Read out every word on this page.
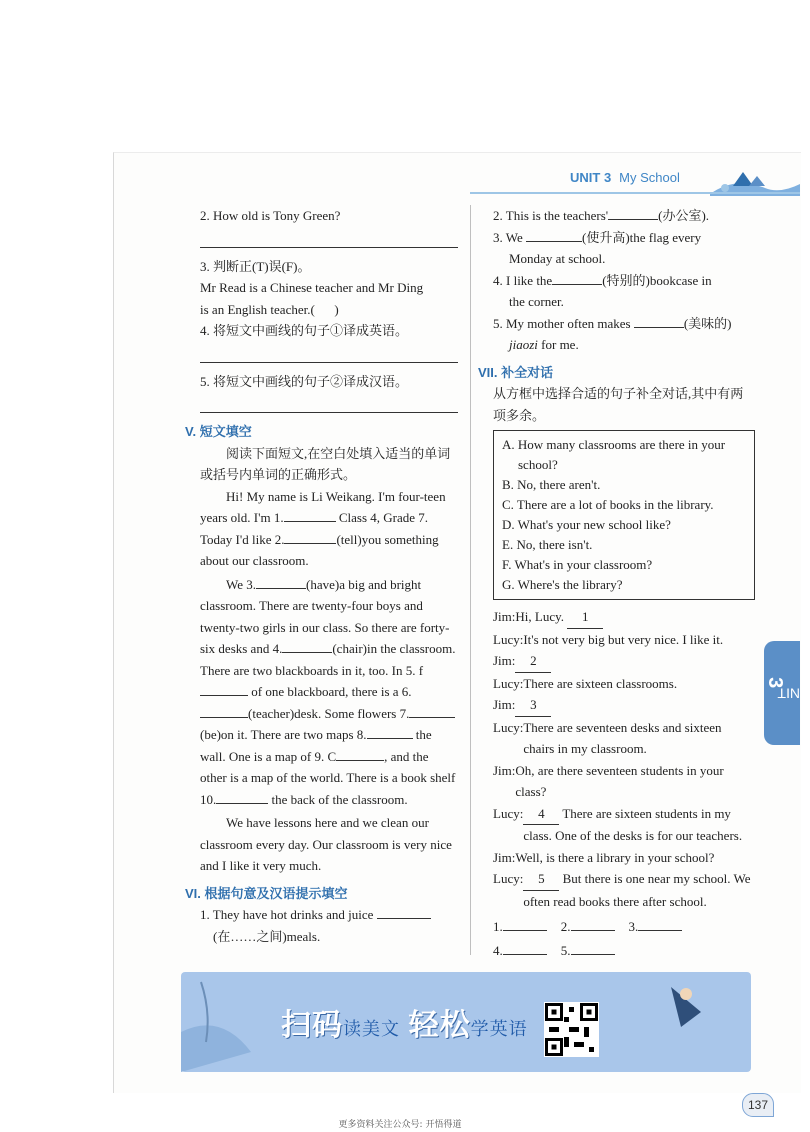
UNIT 3 My School

2. How old is Tony Green?

3. 判断正(T)误(F)。

Mr Read is a Chinese teacher and Mr Ding

is an English teacher.( )

4. 将短文中画线的句子①译成英语。

5. 将短文中画线的句子②译成汉语。

V. 短文填空

阅读下面短文,在空白处填入适当的单词或括号内单词的正确形式。

Hi! My name is Li Weikang. I'm four-teen years old. I'm 1.	Class 4, Grade 7. Today I'd like 2.	(tell)you something about our classroom.

We 3.	(have)a big and bright classroom. There are twenty-four boys and twenty-two girls in our class. So there are forty-six desks and 4.	(chair)in the classroom. There are two blackboards in it, too. In 5. f of one blackboard, there is a 6.(teacher)desk. Some flowers 7.(be)on it. There are two maps 8.	the wall. One is a map of 9. C	, and the other is a map of the world. There is a book shelf 10.	the back of the classroom.

We have lessons here and we clean our classroom every day. Our classroom is very nice and I like it very much.

VI. 根据句意及汉语提示填空

1. They have hot drinks and juice

(在……之间)meals.

2. This is the teachers'	(办公室).

3. We	(使升高)the flag every

Monday at school.

4. I like the	(特别的)bookcase in

the corner.

5. My mother often makes	(美味的)

jiaozi for me.

VII. 补全对话

从方框中选择合适的句子补全对话,其中有两项多余。

A. How many classrooms are there in your school?

B. No, there aren't.

C. There are a lot of books in the library.

D. What's your new school like?

E. No, there isn't.

F. What's in your classroom?

G. Where's the library?

Jim: Hi, Lucy. 1
Lucy: It's not very big but very nice. I like it.
Jim:	2
Lucy: There are sixteen classrooms.
Jim:	3
Lucy: There are seventeen desks and sixteen chairs in my classroom.
Jim: Oh, are there seventeen students in your class?
Lucy:	4 There are sixteen students in my class. One of the desks is for our teachers.
Jim: Well, is there a library in your school?
Lucy:	5 But there is one near my school. We often read books there after school.
1.	2.	3.
4.	5.
UNIT
3
扫码读美文 轻松学英语
137
更多资料关注公众号: 开悟得道
